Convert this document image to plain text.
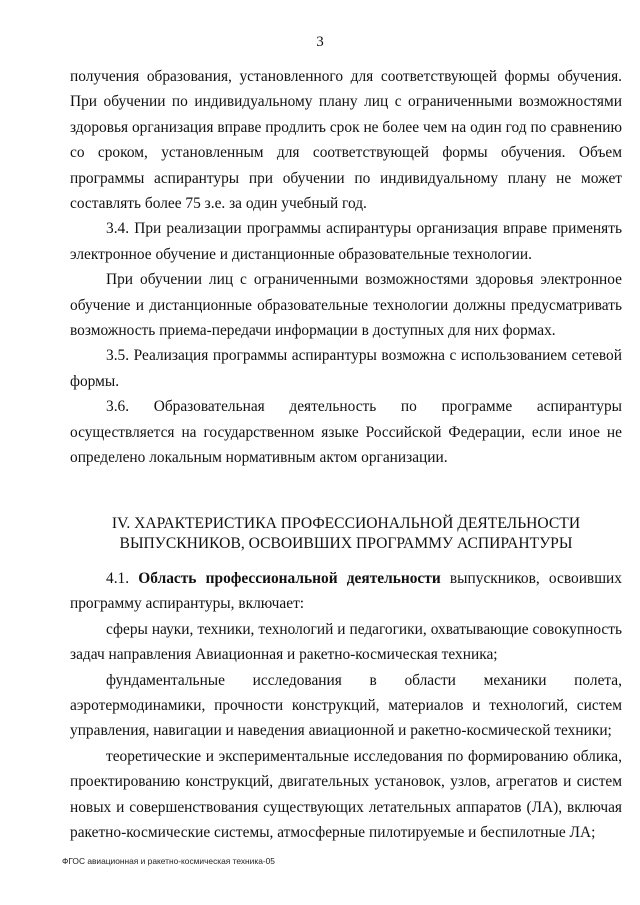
3

получения образования, установленного для соответствующей формы обучения. При обучении по индивидуальному плану лиц с ограниченными возможностями здоровья организация вправе продлить срок не более чем на один год по сравнению со сроком, установленным для соответствующей формы обучения. Объем программы аспирантуры при обучении по индивидуальному плану не может составлять более 75 з.е. за один учебный год.

3.4. При реализации программы аспирантуры организация вправе применять электронное обучение и дистанционные образовательные технологии.

При обучении лиц с ограниченными возможностями здоровья электронное обучение и дистанционные образовательные технологии должны предусматривать возможность приема-передачи информации в доступных для них формах.

3.5. Реализация программы аспирантуры возможна с использованием сетевой формы.

3.6. Образовательная деятельность по программе аспирантуры осуществляется на государственном языке Российской Федерации, если иное не определено локальным нормативным актом организации.

IV. ХАРАКТЕРИСТИКА ПРОФЕССИОНАЛЬНОЙ ДЕЯТЕЛЬНОСТИ
ВЫПУСКНИКОВ, ОСВОИВШИХ ПРОГРАММУ АСПИРАНТУРЫ

4.1. Область профессиональной деятельности выпускников, освоивших программу аспирантуры, включает:

сферы науки, техники, технологий и педагогики, охватывающие совокупность задач направления Авиационная и ракетно-космическая техника;

фундаментальные исследования в области механики полета, аэротермодинамики, прочности конструкций, материалов и технологий, систем управления, навигации и наведения авиационной и ракетно-космической техники;

теоретические и экспериментальные исследования по формированию облика, проектированию конструкций, двигательных установок, узлов, агрегатов и систем новых и совершенствования существующих летательных аппаратов (ЛА), включая ракетно-космические системы, атмосферные пилотируемые и беспилотные ЛА;

ФГОС авиационная и ракетно-космическая техника-05
